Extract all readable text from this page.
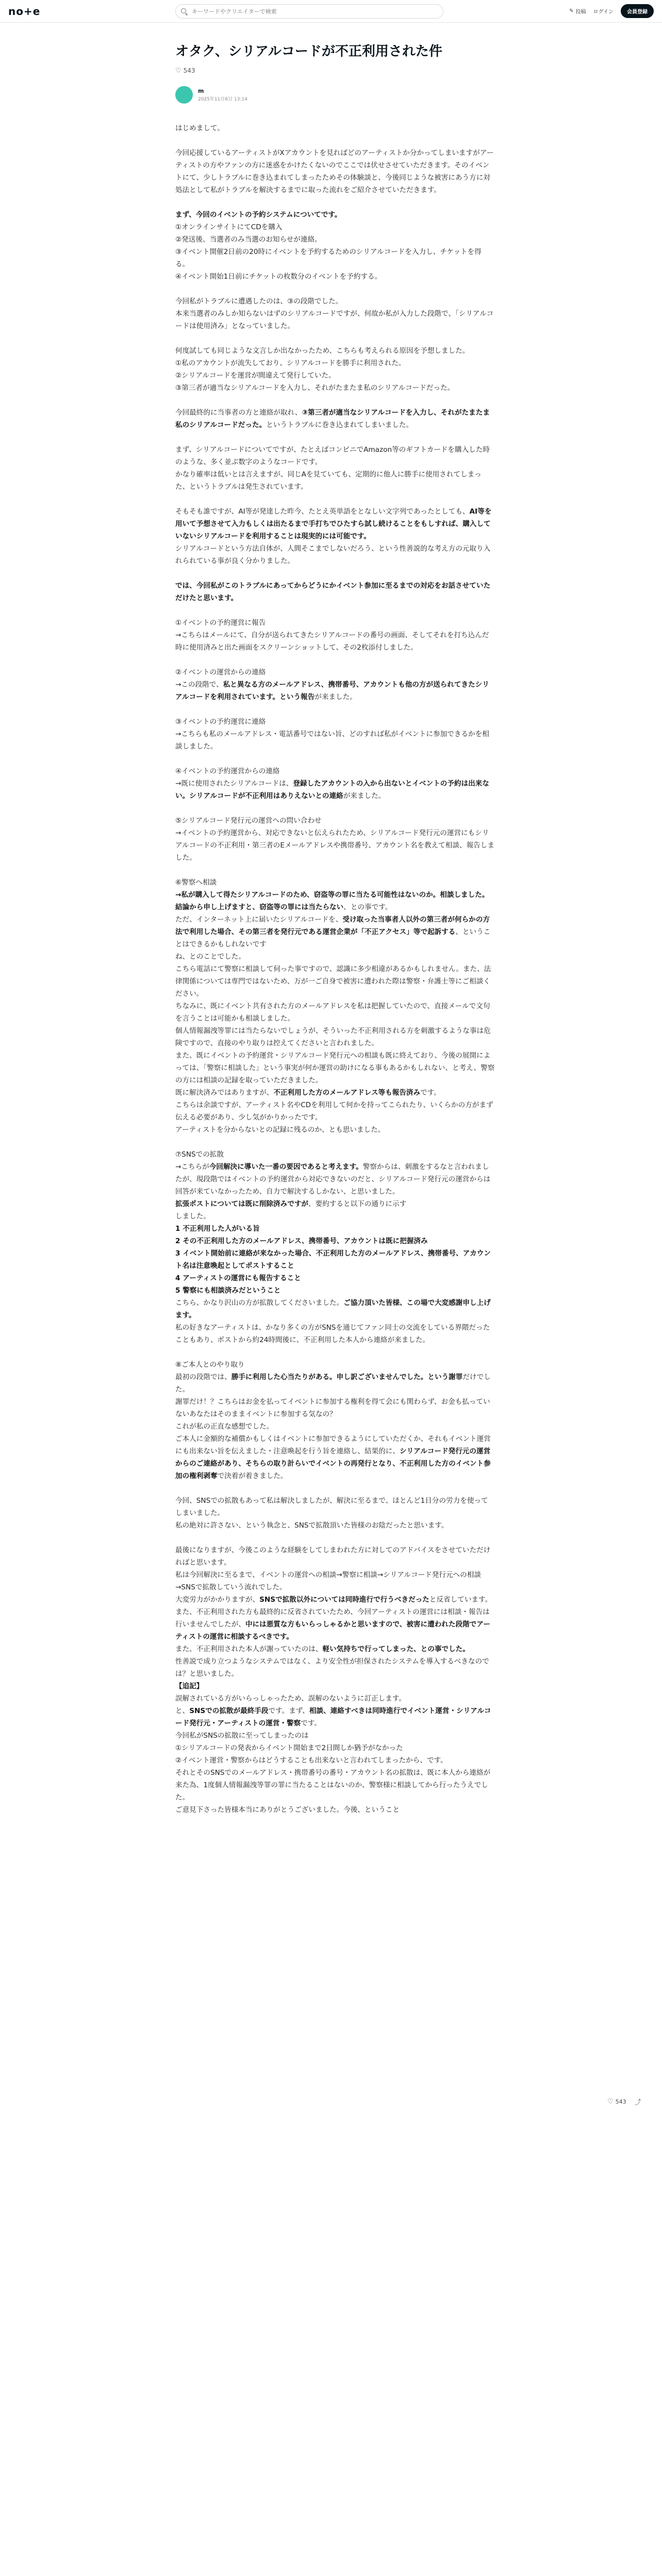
no+e
キーワードやクリエイターで検索	✎ 投稿 ログイン	会員登録
オタク、シリアルコードが不正利用された件
♡ 543
m
2025年11月6日 13:14

はじめまして。

今回応援しているアーティストがXアカウントを見ればどのアーティストか分かってしまいますがアーティストの方やファンの方に迷惑をかけたくないのでここでは伏せさせていただきます。そのイベントにて、少しトラブルに巻き込まれてしまったためその体験談と、今後同じような被害にあう方に対処法として私がトラブルを解決するまでに取った流れをご紹介させていただきます。

まず、今回のイベントの予約システムについてです。

①オンラインサイトにてCDを購入

②発送後、当選者のみ当選のお知らせが連絡。

③イベント開催2日前の20時にイベントを予約するためのシリアルコードを入力し、チケットを得る。

④イベント開始1日前にチケットの枚数分のイベントを予約する。

今回私がトラブルに遭遇したのは、③の段階でした。
本来当選者のみしか知らないはずのシリアルコードですが、何故か私が入力した段階で、「シリアルコードは使用済み」となっていました。

何度試しても同じような文言しか出なかったため、こちらも考えられる原因を予想しました。
①私のアカウントが流失しており、シリアルコードを勝手に利用された。
②シリアルコードを運営が間違えて発行していた。
③第三者が適当なシリアルコードを入力し、それがたまたま私のシリアルコードだった。

今回最終的に当事者の方と連絡が取れ、③第三者が適当なシリアルコードを入力し、それがたまたま私のシリアルコードだった。というトラブルに巻き込まれてしまいました。

まず、シリアルコードについてですが、たとえばコンビニでAmazon等のギフトカードを購入した時のような、多く並ぶ数字のようなコードです。
かなり確率は低いとは言えますが、同じAを見ていても、定期的に他人に勝手に使用されてしまった、というトラブルは発生されています。

そもそも誰ですが、AI等が発達した昨今、たとえ英単語をとなしい文字列であったとしても、AI等を用いて予想させて入力もしくは出たるまで手打ちでひたすら試し続けることをもしすれば、購入していないシリアルコードを利用することは現実的には可能です。
シリアルコードという方法自体が、人間そこまでしないだろう、という性善説的な考え方の元取り入れられている事が良く分かりました。

では、今回私がこのトラブルにあってからどうにかイベント参加に至るまでの対応をお話させていただけたと思います。

①イベントの予約運営に報告
→こちらはメールにて、自分が送られてきたシリアルコードの番号の画面、そしてそれを打ち込んだ時に使用済みと出た画面をスクリーンショットして、その2枚添付しました。

②イベントの運営からの連絡
→この段階で、私と異なる方のメールアドレス、携帯番号、アカウントも他の方が送られてきたシリアルコードを利用されています。という報告が来ました。

③イベントの予約運営に連絡
→こちらも私のメールアドレス・電話番号ではない旨、どのすれば私がイベントに参加できるかを相談しました。

④イベントの予約運営からの連絡
→既に使用されたシリアルコードは、登録したアカウントの入から出ないとイベントの予約は出来ない。シリアルコードが不正利用はありえないとの連絡が来ました。

⑤シリアルコード発行元の運営への問い合わせ
→イベントの予約運営から、対応できないと伝えられたため、シリアルコード発行元の運営にもシリアルコードの不正利用・第三者のEメールアドレスや携帯番号、アカウント名を教えて相談、報告しました。

⑥警察へ相談
→私が購入して得たシリアルコードのため、窃盗等の罪に当たる可能性はないのか。相談しました。結論から申し上げますと、窃盗等の罪には当たらない、との事です。
ただ、インターネット上に届いたシリアルコードを、受け取った当事者人以外の第三者が何らかの方法で利用した場合、その第三者を発行元である運営企業が「不正アクセス」等で起訴する、ということはできるかもしれないです
ね、とのことでした。
こちら電話にて警察に相談して伺った事ですので、認識に多少相違があるかもしれません。また、法律関係については専門ではないため、万が一ご自身で被害に遭われた際は警察・弁護士等にご相談ください。
ちなみに、既にイベント共有された方のメールアドレスを私は把握していたので、直接メールで文句を言うことは可能かも相談しました。
個人情報漏洩等罪には当たらないでしょうが、そういった不正利用される方を刺激するような事は危険ですので、直接のやり取りは控えてくださいと言われました。
また、既にイベントの予約運営・シリアルコード発行元への相談も既に終えており、今後の展開によっては、「警察に相談した」という事実が何か運営の助けになる事もあるかもしれない、と考え、警察の方には相談の記録を取っていただきました。
既に解決済みではありますが、不正利用した方のメールアドレス等も報告済みです。
こちらは余談ですが、アーティスト名やCDを利用して何かを持ってこられたり、いくらかの方がまず伝える必要があり、少し気がかりかったです。
アーティストを分からないとの記録に残るのか、とも思いました。

⑦SNSでの拡散
→こちらが今回解決に導いた一番の要因であると考えます。警察からは、刺激をするなと言われましたが、現段階ではイベントの予約運営から対応できないのだと、シリアルコード発行元の運営からは回答が来ていなかったため、自力で解決するしかない、と思いました。
拡張ポストについては既に削除済みですが、要約すると以下の通りに示す
しました。
1 不正利用した人がいる旨
2 その不正利用した方のメールアドレス、携帯番号、アカウントは既に把握済み
3 イベント開始前に連絡が来なかった場合、不正利用した方のメールアドレス、携帯番号、アカウント名は注意喚起としてポストすること
4 アーティストの運営にも報告すること
5 警察にも相談済みだということ
こちら、かなり沢山の方が拡散してくださいました。ご協力頂いた皆様、この場で大変感謝申し上げます。
私の好きなアーティストは、かなり多くの方がSNSを通じてファン同士の交流をしている界隈だったこともあり、ポストから約24時間後に、不正利用した本人から連絡が来ました。

⑧ご本人とのやり取り
最初の段階では、勝手に利用した心当たりがある。申し訳ございませんでした。という謝罪だけでした。
謝罪だけ！？こちらはお金を払ってイベントに参加する権利を得て会にも関わらず、お金も払っていないあなたはそのままイベントに参加する気なの？
これが私の正直な感想でした。
ご本人に金額的な補償かもしくはイベントに参加できるようにしていただくか、それもイベント運営にも出来ない旨を伝えました・注意喚起を行う旨を連絡し、結果的に、シリアルコード発行元の運営からのご連絡があり、そちらの取り計らいでイベントの再発行となり、不正利用した方のイベント参加の権利剥奪で決着が着きました。

今回、SNSでの拡散もあって私は解決しましたが、解決に至るまで、ほとんど1日分の労力を使ってしまいました。
私の絶対に許さない、という執念と、SNSで拡散頂いた皆様のお陰だったと思います。

最後になりますが、今後このような経験をしてしまわれた方に対してのアドバイスをさせていただければと思います。
私は今回解決に至るまで、イベントの運営への相談→警察に相談→シリアルコード発行元への相談→SNSで拡散していう流れでした。
大変労力がかかりますが、SNSで拡散以外については同時進行で行うべきだったと反省しています。
また、不正利用された方も最終的に反省されていたため、今回アーティストの運営には相談・報告は行いませんでしたが、中には悪質な方もいらっしゃるかと思いますので、被害に遭われた段階でアーティストの運営に相談するべきです。
また、不正利用された本人が謝っていたのは、軽い気持ちで行ってしまった、との事でした。
性善説で成り立つようなシステムではなく、より安全性が担保されたシステムを導入するべきなのでは？と思いました。
【追記】
誤解されている方がいらっしゃったため、誤解のないように訂正します。
と、SNSでの拡散が最終手段です。まず、相談、連絡すべきは同時進行でイベント運営・シリアルコード発行元・アーティストの運営・警察です。
今回私がSNSの拡散に至ってしまったのは
①シリアルコードの発表からイベント開始まで2日間しか猶予がなかった
②イベント運営・警察からはどうすることも出来ないと言われてしまったから、です。
それとそのSNSでのメールアドレス・携帯番号の番号・アカウント名の拡散は、既に本人から連絡が来た為、1度個人情報漏洩等罪の罪に当たることはないのか、警察様に相談してから行ったうえでした。
ご意見下さった皆様本当にありがとうございました。今後、ということ

♡ 543 ⤴
